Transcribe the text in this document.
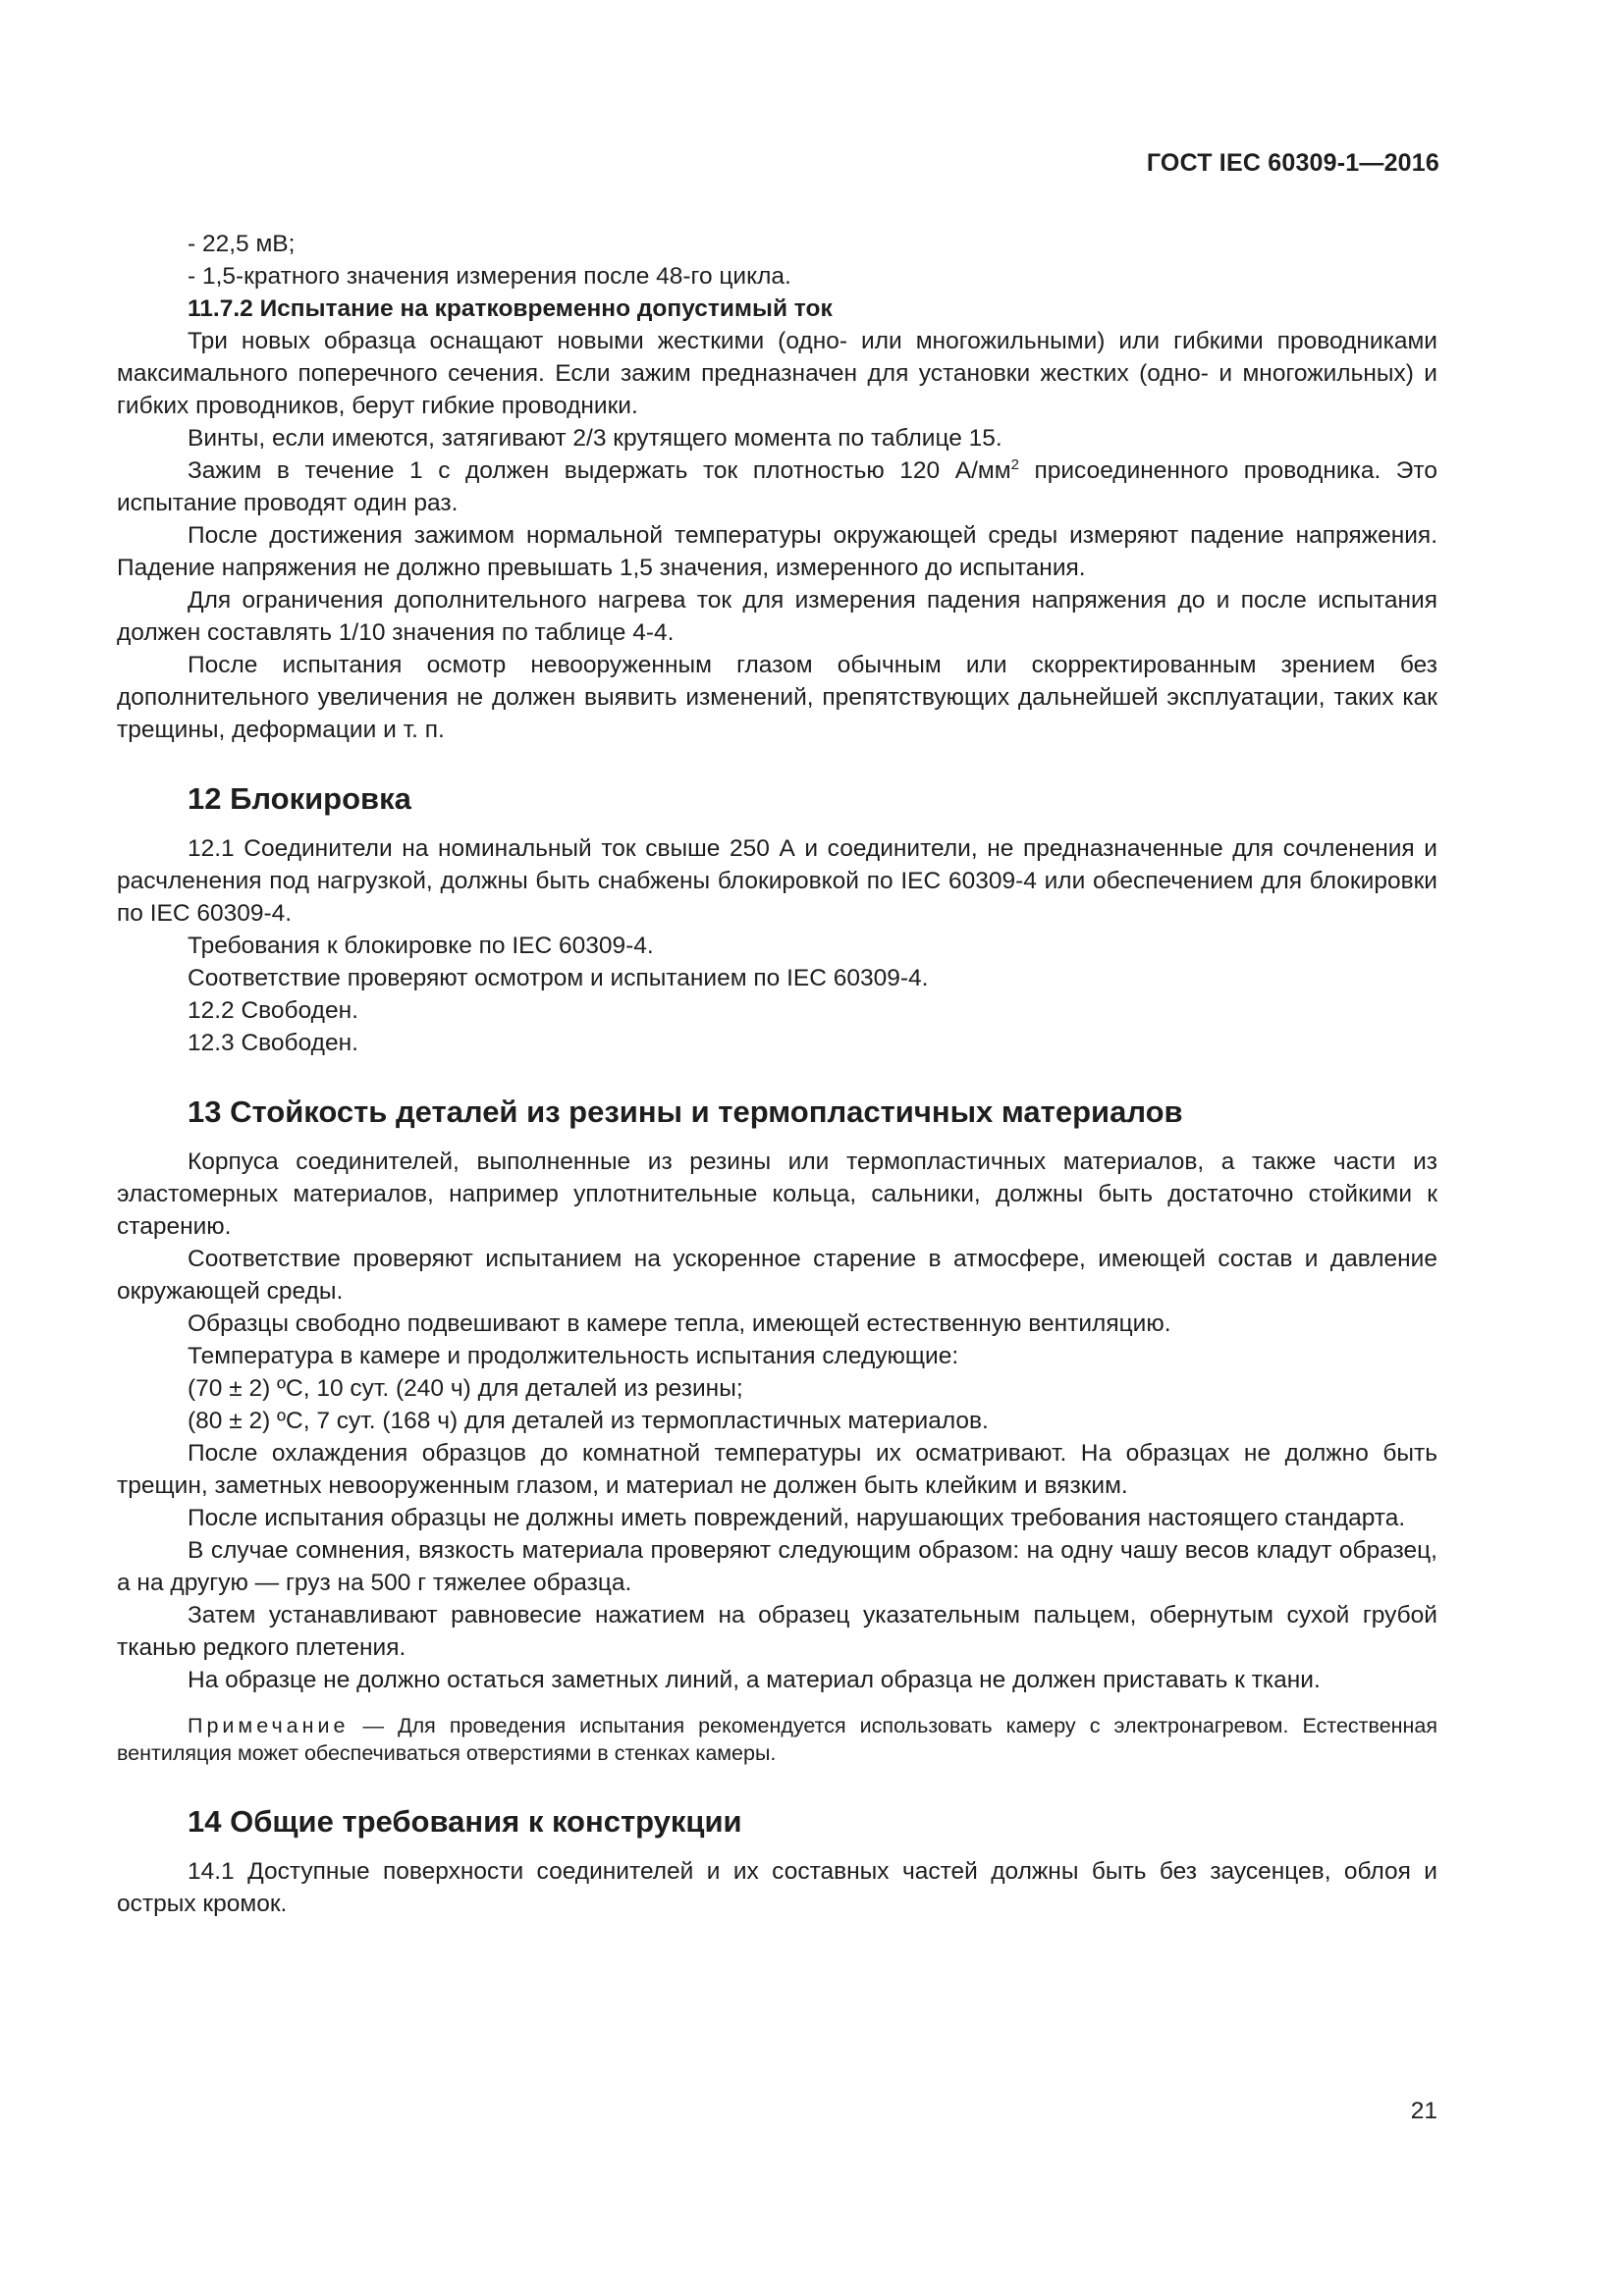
ГОСТ IEC 60309-1—2016

- 22,5 мВ;

- 1,5-кратного значения измерения после 48-го цикла.

11.7.2 Испытание на кратковременно допустимый ток

Три новых образца оснащают новыми жесткими (одно- или многожильными) или гибкими проводниками максимального поперечного сечения. Если зажим предназначен для установки жестких (одно- и многожильных) и гибких проводников, берут гибкие проводники.

Винты, если имеются, затягивают 2/3 крутящего момента по таблице 15.

Зажим в течение 1 с должен выдержать ток плотностью 120 $А/мм^2$ присоединенного проводника. Это испытание проводят один раз.

После достижения зажимом нормальной температуры окружающей среды измеряют падение напряжения. Падение напряжения не должно превышать 1,5 значения, измеренного до испытания.

Для ограничения дополнительного нагрева ток для измерения падения напряжения до и после испытания должен составлять 1/10 значения по таблице 4-4.

После испытания осмотр невооруженным глазом обычным или скорректированным зрением без дополнительного увеличения не должен выявить изменений, препятствующих дальнейшей эксплуатации, таких как трещины, деформации и т. п.

12 Блокировка

12.1 Соединители на номинальный ток свыше 250 А и соединители, не предназначенные для сочленения и расчленения под нагрузкой, должны быть снабжены блокировкой по IEC 60309-4 или обеспечением для блокировки по IEC 60309-4.

Требования к блокировке по IEC 60309-4.

Соответствие проверяют осмотром и испытанием по IEC 60309-4.

12.2 Свободен.

12.3 Свободен.

13 Стойкость деталей из резины и термопластичных материалов

Корпуса соединителей, выполненные из резины или термопластичных материалов, а также части из эластомерных материалов, например уплотнительные кольца, сальники, должны быть достаточно стойкими к старению.

Соответствие проверяют испытанием на ускоренное старение в атмосфере, имеющей состав и давление окружающей среды.

Образцы свободно подвешивают в камере тепла, имеющей естественную вентиляцию.

Температура в камере и продолжительность испытания следующие:

(70 ± 2) ºС, 10 сут. (240 ч) для деталей из резины;

(80 ± 2) ºС, 7 сут. (168 ч) для деталей из термопластичных материалов.

После охлаждения образцов до комнатной температуры их осматривают. На образцах не должно быть трещин, заметных невооруженным глазом, и материал не должен быть клейким и вязким.

После испытания образцы не должны иметь повреждений, нарушающих требования настоящего стандарта.

В случае сомнения, вязкость материала проверяют следующим образом: на одну чашу весов кладут образец, а на другую — груз на 500 г тяжелее образца.

Затем устанавливают равновесие нажатием на образец указательным пальцем, обернутым сухой грубой тканью редкого плетения.

На образце не должно остаться заметных линий, а материал образца не должен приставать к ткани.

Примечание — Для проведения испытания рекомендуется использовать камеру с электронагревом. Естественная вентиляция может обеспечиваться отверстиями в стенках камеры.

14 Общие требования к конструкции

14.1 Доступные поверхности соединителей и их составных частей должны быть без заусенцев, облоя и острых кромок.

21
